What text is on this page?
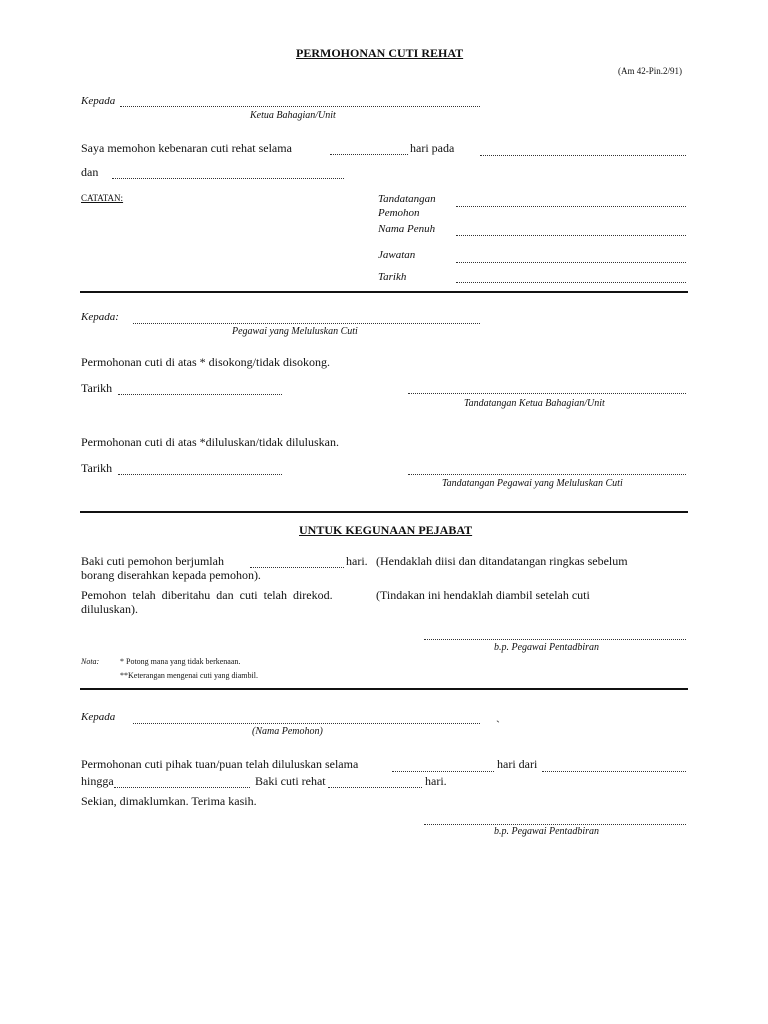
PERMOHONAN CUTI REHAT
(Am 42-Pin.2/91)
Kepada
Ketua Bahagian/Unit
Saya memohon kebenaran cuti rehat selama	hari pada
dan
CATATAN:	Tandatangan
Pemohon
Nama Penuh
Jawatan
Tarikh
Kepada:
Pegawai yang Meluluskan Cuti
Permohonan cuti di atas * disokong/tidak disokong.
Tarikh
Tandatangan Ketua Bahagian/Unit
Permohonan cuti di atas *diluluskan/tidak diluluskan.
Tarikh
Tandatangan Pegawai yang Meluluskan Cuti
UNTUK KEGUNAAN PEJABAT
Baki cuti pemohon berjumlah	hari. (Hendaklah diisi dan ditandatangan ringkas sebelum
borang diserahkan kepada pemohon).
Pemohon telah diberitahu dan cuti telah direkod.	(Tindakan ini hendaklah diambil setelah cuti
diluluskan).
b.p. Pegawai Pentadbiran
Nota:	* Potong mana yang tidak berkenaan.
**Keterangan mengenai cuti yang diambil.
Kepada
`
(Nama Pemohon)
Permohonan cuti pihak tuan/puan telah diluluskan selama	hari dari
hingga	Baki cuti rehat	hari.
Sekian, dimaklumkan. Terima kasih.
b.p. Pegawai Pentadbiran
